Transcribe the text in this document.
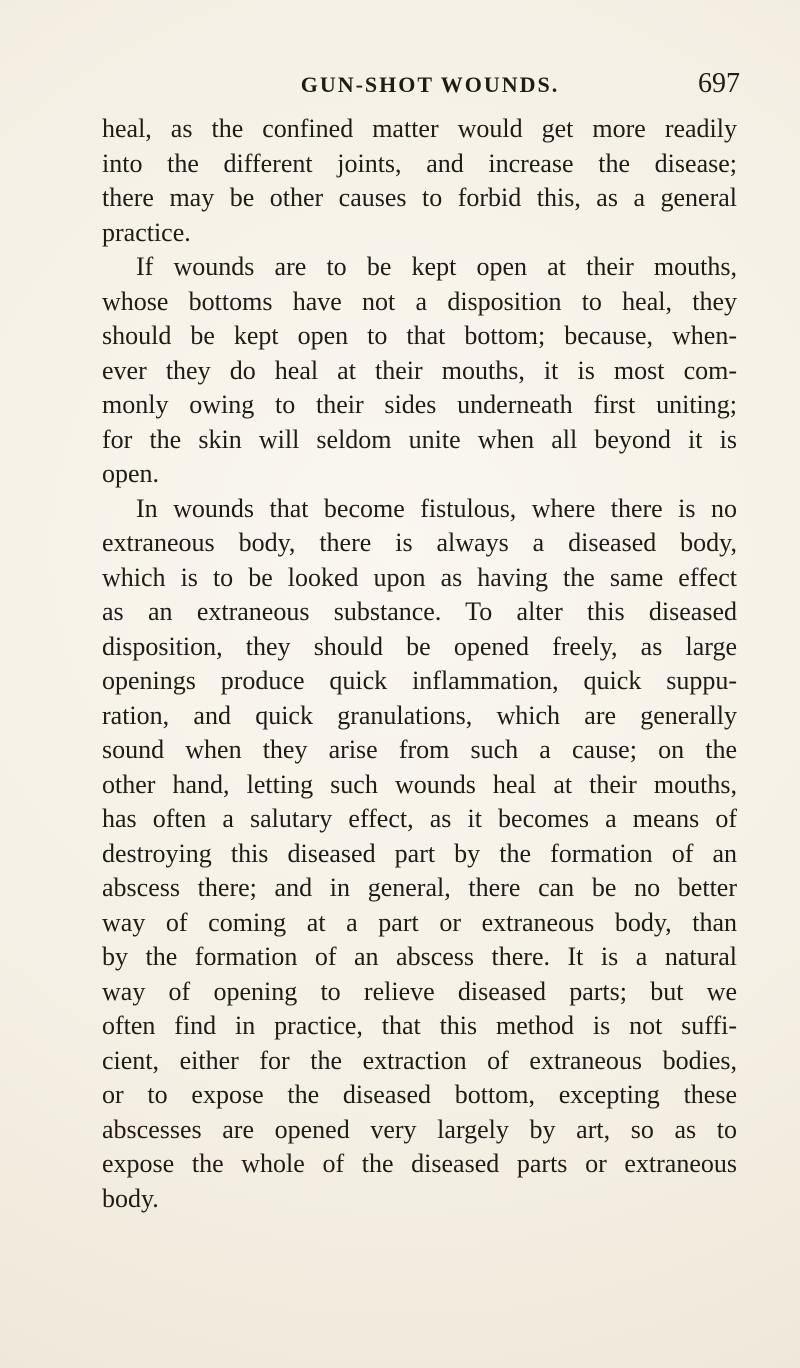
GUN-SHOT WOUNDS.	697
heal, as the confined matter would get more readily
into the different joints, and increase the disease;
there may be other causes to forbid this, as a general
practice.
If wounds are to be kept open at their mouths,
whose bottoms have not a disposition to heal, they
should be kept open to that bottom; because, when-
ever they do heal at their mouths, it is most com-
monly owing to their sides underneath first uniting;
for the skin will seldom unite when all beyond it is
open.
In wounds that become fistulous, where there is no
extraneous body, there is always a diseased body,
which is to be looked upon as having the same effect
as an extraneous substance. To alter this diseased
disposition, they should be opened freely, as large
openings produce quick inflammation, quick suppu-
ration, and quick granulations, which are generally
sound when they arise from such a cause; on the
other hand, letting such wounds heal at their mouths,
has often a salutary effect, as it becomes a means of
destroying this diseased part by the formation of an
abscess there; and in general, there can be no better
way of coming at a part or extraneous body, than
by the formation of an abscess there. It is a natural
way of opening to relieve diseased parts; but we
often find in practice, that this method is not suffi-
cient, either for the extraction of extraneous bodies,
or to expose the diseased bottom, excepting these
abscesses are opened very largely by art, so as to
expose the whole of the diseased parts or extraneous
body.
